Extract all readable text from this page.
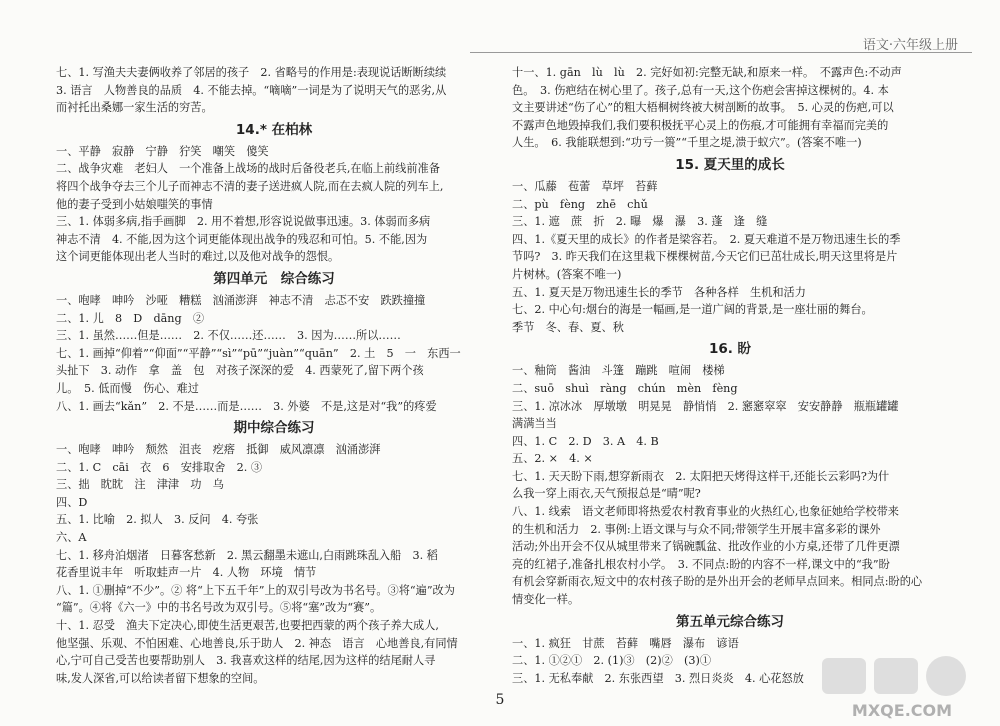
语文·六年级上册
七、1. 写渔夫夫妻俩收养了邻居的孩子　2. 省略号的作用是:表现说话断断续续
3. 语言　人物善良的品质　4. 不能去掉。“嘀嘀”一词是为了说明天气的恶劣,从
而衬托出桑娜一家生活的穷苦。
14.* 在柏林
一、平静　寂静　宁静　狞笑　嘲笑　傻笑
二、战争灾难　老妇人　一个准备上战场的战时后备役老兵,在临上前线前准备
将四个战争夺去三个儿子而神志不清的妻子送进疯人院,而在去疯人院的列车上,
他的妻子受到小姑娘嗤笑的事情
三、1. 体弱多病,指手画脚　2. 用不着想,形容说说做事迅速。3. 体弱而多病
神志不清　4. 不能,因为这个词更能体现出战争的残忍和可怕。5. 不能,因为
这个词更能体现出老人当时的难过,以及他对战争的怨恨。
第四单元　综合练习
一、咆哮　呻吟　沙哑　糟糕　汹涌澎湃　神志不清　忐忑不安　跌跌撞撞
二、1. 儿　8　D　dāng　②
三、1. 虽然……但是……　2. 不仅……还……　3. 因为……所以……
七、1. 画掉“仰着”“仰面”“平静”“sì”“pū”“juàn”“quān”　2. 土　5　一　东西一
头扯下　3. 动作　拿　盖　包　对孩子深深的爱　4. 西蒙死了,留下两个孩
儿。　5. 低而慢　伤心、难过
八、1. 画去“kǎn”　2. 不是……而是……　3. 外婆　不是,这是对“我”的疼爱
期中综合练习
一、咆哮　呻吟　颓然　沮丧　疙瘩　抵御　威风凛凛　汹涌澎湃
二、1. C　cāi　衣　6　安排取舍　2. ③
三、拙　眈眈　注　津津　功　乌
四、D
五、1. 比喻　2. 拟人　3. 反问　4. 夸张
六、A
七、1. 移舟泊烟渚　日暮客愁新　2. 黑云翻墨未遮山,白雨跳珠乱入船　3. 稻
花香里说丰年　听取蛙声一片　4. 人物　环境　情节
八、1. ①删掉“不少”。② 将“上下五千年”上的双引号改为书名号。③将“遍”改为
“篇”。④将《六一》中的书名号改为双引号。⑤将“塞”改为“赛”。
十、1. 忍受　渔夫下定决心,即使生活更艰苦,也要把西蒙的两个孩子养大成人,
他坚强、乐观、不怕困难、心地善良,乐于助人　2. 神态　语言　心地善良,有同情
心,宁可自己受苦也要帮助别人　3. 我喜欢这样的结尾,因为这样的结尾耐人寻
味,发人深省,可以给读者留下想象的空间。
十一、1. gān　lù　lù　2. 完好如初:完整无缺,和原来一样。　不露声色:不动声
色。　3. 伤疤结在树心里了。孩子,总有一天,这个伤疤会害掉这棵树的。4. 本
文主要讲述“伤了心”的粗大梧桐树终被大树剖断的故事。　5. 心灵的伤疤,可以
不露声色地毁掉我们,我们要积极抚平心灵上的伤痕,才可能拥有幸福而完美的
人生。　6. 我能联想到:“功亏一篑”“千里之堤,溃于蚁穴”。(答案不唯一)
15. 夏天里的成长
一、瓜藤　苞蕾　草坪　苔藓
二、pù　fèng　zhē　chǔ
三、1. 遮　蔗　折　2. 曝　爆　瀑　3. 蓬　逢　缝
四、1.《夏天里的成长》的作者是梁容若。　2. 夏天难道不是万物迅速生长的季
节吗?　3. 昨天我们在这里栽下棵棵树苗,今天它们已茁壮成长,明天这里将是片
片树林。(答案不唯一)
五、1. 夏天是万物迅速生长的季节　各种各样　生机和活力
七、2. 中心句:烟台的海是一幅画,是一道广阔的背景,是一座壮丽的舞台。
季节　冬、春、夏、秋
16. 盼
一、釉筒　酱油　斗篷　蹦跳　喧闹　楼梯
二、suō　shuì　ràng　chún　mèn　fèng
三、1. 凉冰冰　厚墩墩　明晃晃　静悄悄　2. 窸窸窣窣　安安静静　瓶瓶罐罐
满满当当
四、1. C　2. D　3. A　4. B
五、2. ×　4. ×
七、1. 天天盼下雨,想穿新雨衣　2. 太阳把天烤得这样干,还能长云彩吗?为什
么我一穿上雨衣,天气预报总是“晴”呢?
八、1. 线索　语文老师即将热爱农村教育事业的火热红心,也象征她给学校带来
的生机和活力　2. 事例:上语文课与与众不同;带领学生开展丰富多彩的课外
活动;外出开会不仅从城里带来了锅碗瓢盆、批改作业的小方桌,还带了几件更漂
亮的红裙子,准备扎根农村小学。　3. 不同点:盼的内容不一样,课文中的“我”盼
有机会穿新雨衣,短文中的农村孩子盼的是外出开会的老师早点回来。相同点:盼的心
情变化一样。
第五单元综合练习
一、1. 疯狂　甘蔗　苔藓　嘴唇　瀑布　谚语
二、1. ①②①　2. (1)③　(2)②　(3)①
三、1. 无私奉献　2. 东张西望　3. 烈日炎炎　4. 心花怒放
5
MXQE.COM
